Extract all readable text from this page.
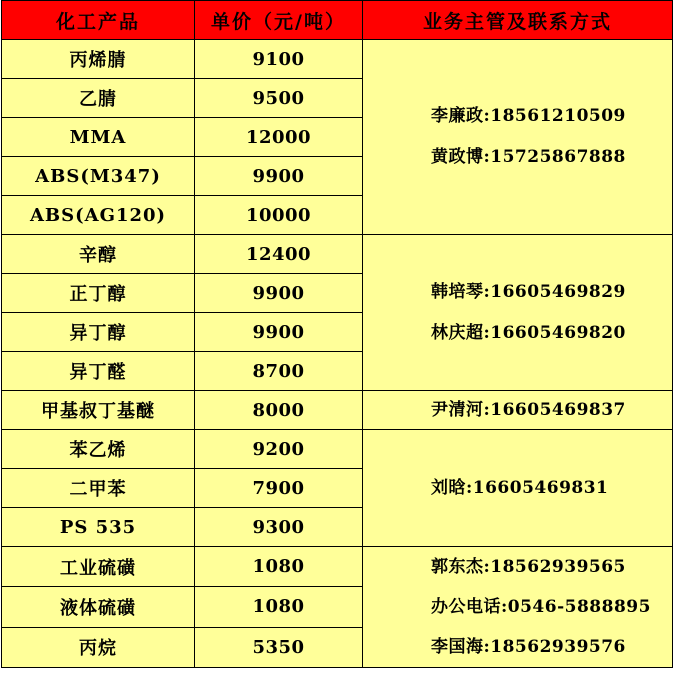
化工产品	单价（元/吨）	业务主管及联系方式
丙烯腈	9100	李廉政:18561210509
黄政博:15725867888

乙腈	9500	
MMA	12000	
ABS(M347)	9900	
ABS(AG120)	10000	
辛醇	12400	韩培琴:16605469829
林庆超:16605469820

正丁醇	9900	
异丁醇	9900	
异丁醛	8700	
甲基叔丁基醚	8000	尹清河:16605469837

苯乙烯	9200	刘晗:16605469831

二甲苯	7900	
PS 535	9300	
工业硫磺	1080	郭东杰:18562939565
办公电话:0546-5888895
李国海:18562939576

液体硫磺	1080	
丙烷	5350	
